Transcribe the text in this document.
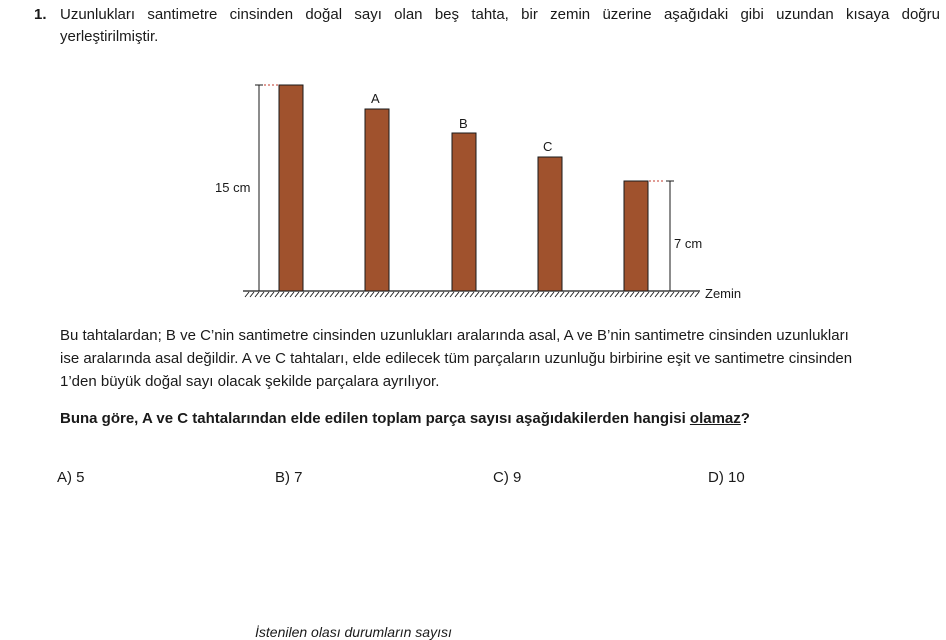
1. Uzunlukları santimetre cinsinden doğal sayı olan beş tahta, bir zemin üzerine aşağıdaki gibi uzundan kısaya doğru
yerleştirilmiştir.
Zemin
A
B
C
15 cm
7 cm
Bu tahtalardan; B ve C’nin santimetre cinsinden uzunlukları aralarında asal, A ve B’nin santimetre cinsinden uzunlukları
ise aralarında asal değildir. A ve C tahtaları, elde edilecek tüm parçaların uzunluğu birbirine eşit ve santimetre cinsinden
1’den büyük doğal sayı olacak şekilde parçalara ayrılıyor.
Buna göre, A ve C tahtalarından elde edilen toplam parça sayısı aşağıdakilerden hangisi olamaz?
A) 5	B) 7	C) 9	D) 10
İstenilen olası durumların sayısı
